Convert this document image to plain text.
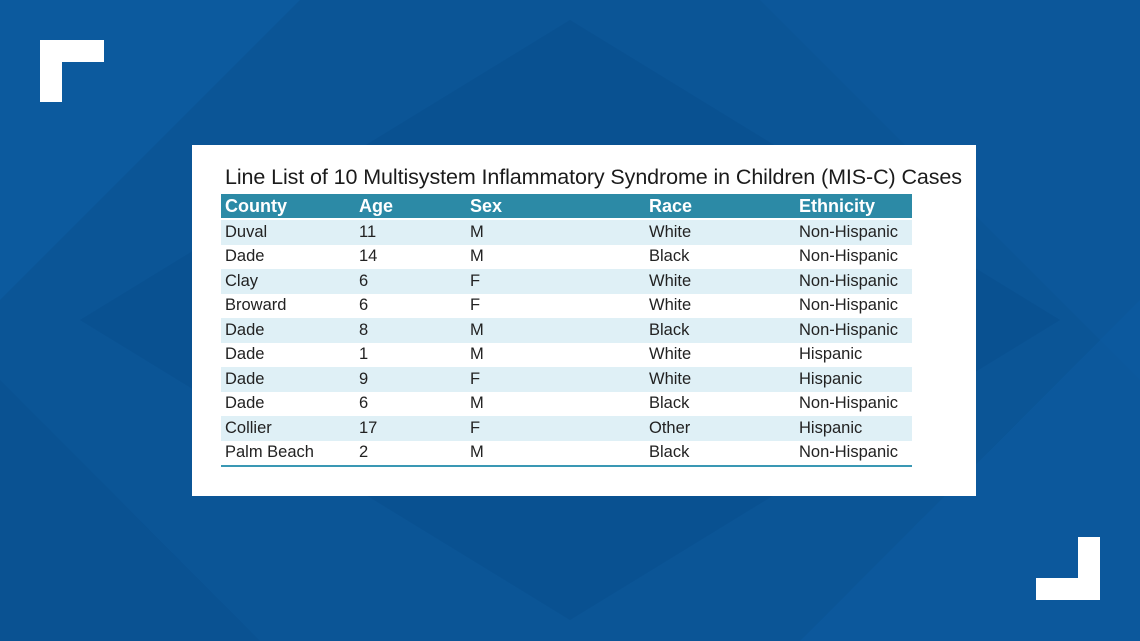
Line List of 10 Multisystem Inflammatory Syndrome in Children (MIS-C) Cases
County	Age	Sex	Race	Ethnicity
Duval	11	M	White	Non-Hispanic
Dade	14	M	Black	Non-Hispanic
Clay	6	F	White	Non-Hispanic
Broward	6	F	White	Non-Hispanic
Dade	8	M	Black	Non-Hispanic
Dade	1	M	White	Hispanic
Dade	9	F	White	Hispanic
Dade	6	M	Black	Non-Hispanic
Collier	17	F	Other	Hispanic
Palm Beach	2	M	Black	Non-Hispanic
